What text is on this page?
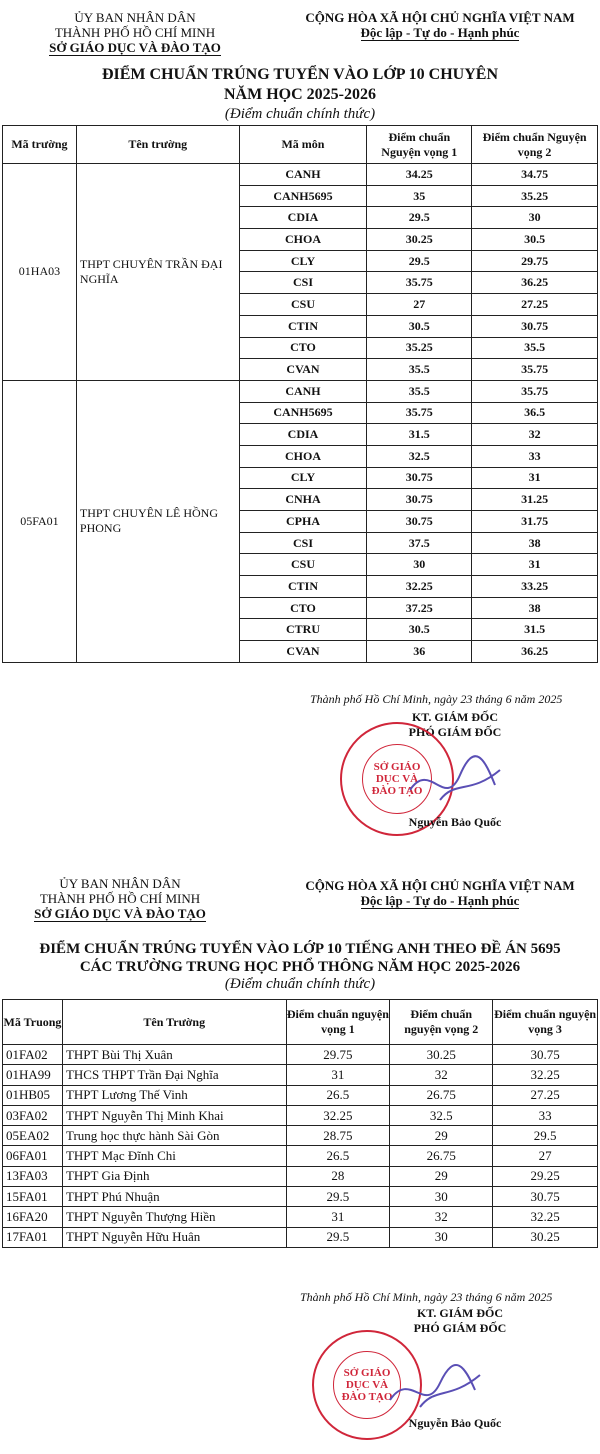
ỦY BAN NHÂN DÂN
THÀNH PHỐ HỒ CHÍ MINH
SỞ GIÁO DỤC VÀ ĐÀO TẠO
CỘNG HÒA XÃ HỘI CHỦ NGHĨA VIỆT NAM
Độc lập - Tự do - Hạnh phúc
ĐIỂM CHUẨN TRÚNG TUYỂN VÀO LỚP 10 CHUYÊN
NĂM HỌC 2025-2026
(Điểm chuẩn chính thức)
Mã trường	Tên trường	Mã môn	Điểm chuẩn Nguyện vọng 1	Điểm chuẩn Nguyện vọng 2
01HA03	THPT CHUYÊN TRẦN ĐẠI NGHĨA	CANH	34.25	34.75
		CANH5695	35	35.25
		CDIA	29.5	30
		CHOA	30.25	30.5
		CLY	29.5	29.75
		CSI	35.75	36.25
		CSU	27	27.25
		CTIN	30.5	30.75
		CTO	35.25	35.5
		CVAN	35.5	35.75
05FA01	THPT CHUYÊN LÊ HỒNG PHONG	CANH	35.5	35.75
		CANH5695	35.75	36.5
		CDIA	31.5	32
		CHOA	32.5	33
		CLY	30.75	31
		CNHA	30.75	31.25
		CPHA	30.75	31.75
		CSI	37.5	38
		CSU	30	31
		CTIN	32.25	33.25
		CTO	37.25	38
		CTRU	30.5	31.5
		CVAN	36	36.25
Thành phố Hồ Chí Minh, ngày 23 tháng 6 năm 2025
KT. GIÁM ĐỐC
PHÓ GIÁM ĐỐC
SỞ GIÁO DỤC VÀ ĐÀO TẠO
Nguyễn Bảo Quốc
ỦY BAN NHÂN DÂN
THÀNH PHỐ HỒ CHÍ MINH
SỞ GIÁO DỤC VÀ ĐÀO TẠO
CỘNG HÒA XÃ HỘI CHỦ NGHĨA VIỆT NAM
Độc lập - Tự do - Hạnh phúc
ĐIỂM CHUẨN TRÚNG TUYỂN VÀO LỚP 10 TIẾNG ANH THEO ĐỀ ÁN 5695
CÁC TRƯỜNG TRUNG HỌC PHỔ THÔNG NĂM HỌC 2025-2026
(Điểm chuẩn chính thức)
Mã Truong	Tên Trường	Điểm chuẩn nguyện vọng 1	Điểm chuẩn nguyện vọng 2	Điểm chuẩn nguyện vọng 3
01FA02	THPT Bùi Thị Xuân	29.75	30.25	30.75
01HA99	THCS THPT Trần Đại Nghĩa	31	32	32.25
01HB05	THPT Lương Thế Vinh	26.5	26.75	27.25
03FA02	THPT Nguyễn Thị Minh Khai	32.25	32.5	33
05EA02	Trung học thực hành Sài Gòn	28.75	29	29.5
06FA01	THPT Mạc Đĩnh Chi	26.5	26.75	27
13FA03	THPT Gia Định	28	29	29.25
15FA01	THPT Phú Nhuận	29.5	30	30.75
16FA20	THPT Nguyễn Thượng Hiền	31	32	32.25
17FA01	THPT Nguyễn Hữu Huân	29.5	30	30.25
Thành phố Hồ Chí Minh, ngày 23 tháng 6 năm 2025
KT. GIÁM ĐỐC
PHÓ GIÁM ĐỐC
SỞ GIÁO DỤC VÀ ĐÀO TẠO
Nguyễn Bảo Quốc
